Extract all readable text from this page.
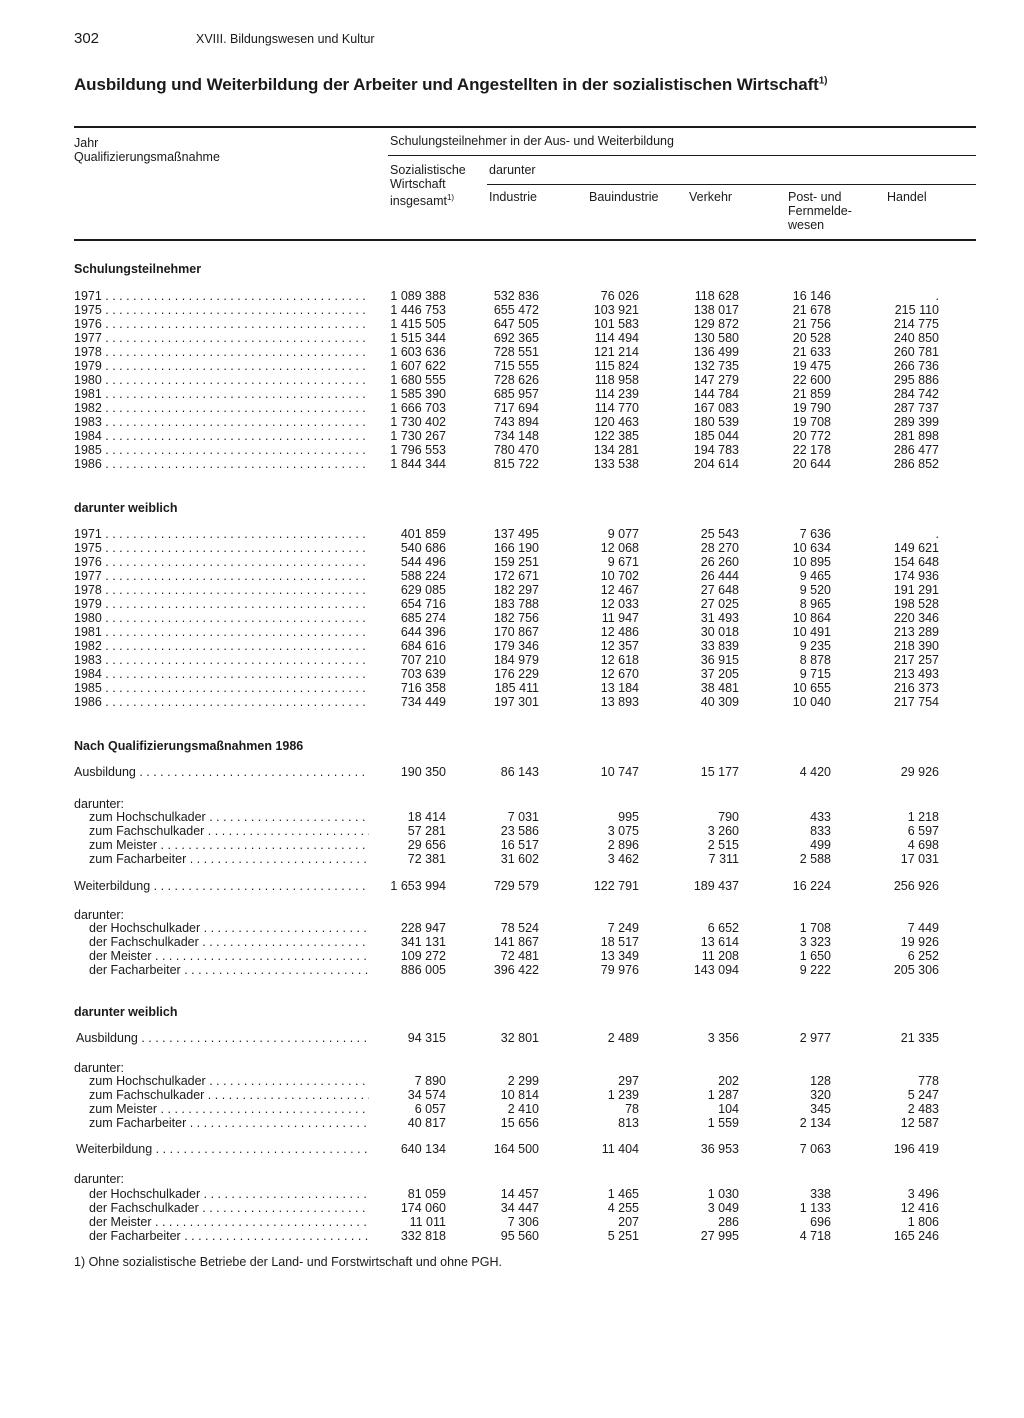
302	XVIII. Bildungswesen und Kultur
Ausbildung und Weiterbildung der Arbeiter und Angestellten in der sozialistischen Wirtschaft$^{1)}$
Jahr
Qualifizierungsmaßnahme
Schulungsteilnehmer in der Aus- und Weiterbildung
Sozialistische
Wirtschaft
insgesamt$^{1)}$
darunter
Industrie	Bauindustrie Verkehr	Post- und
Fernmelde-
wesen
Handel
Schulungsteilnehmer
darunter weiblich
Nach Qualifizierungsmaßnahmen 1986
darunter weiblich
darunter:
darunter:
darunter:
darunter:
1971 . . .	1 089 388	532 836	76 026	118 628	16 146	.
1975 . . .	1 446 753	655 472	103 921	138 017	21 678	215 110
1976 . . .	1 415 505	647 505	101 583	129 872	21 756	214 775
1977 . . .	1 515 344	692 365	114 494	130 580	20 528	240 850
1978 . . .	1 603 636	728 551	121 214	136 499	21 633	260 781
1979 . . .	1 607 622	715 555	115 824	132 735	19 475	266 736
1980 . . .	1 680 555	728 626	118 958	147 279	22 600	295 886
1981 . . .	1 585 390	685 957	114 239	144 784	21 859	284 742
1982 . . .	1 666 703	717 694	114 770	167 083	19 790	287 737
1983 . . .	1 730 402	743 894	120 463	180 539	19 708	289 399
1984 . . .	1 730 267	734 148	122 385	185 044	20 772	281 898
1985 . . .	1 796 553	780 470	134 281	194 783	22 178	286 477
1986 . . .	1 844 344	815 722	133 538	204 614	20 644	286 852
1971 . . .	401 859	137 495	9 077	25 543	7 636	.
1975 . . .	540 686	166 190	12 068	28 270	10 634	149 621
1976 . . .	544 496	159 251	9 671	26 260	10 895	154 648
1977 . . .	588 224	172 671	10 702	26 444	9 465	174 936
1978 . . .	629 085	182 297	12 467	27 648	9 520	191 291
1979 . . .	654 716	183 788	12 033	27 025	8 965	198 528
1980 . . .	685 274	182 756	11 947	31 493	10 864	220 346
1981 . . .	644 396	170 867	12 486	30 018	10 491	213 289
1982 . . .	684 616	179 346	12 357	33 839	9 235	218 390
1983 . . .	707 210	184 979	12 618	36 915	8 878	217 257
1984 . . .	703 639	176 229	12 670	37 205	9 715	213 493
1985 . . .	716 358	185 411	13 184	38 481	10 655	216 373
1986 . . .	734 449	197 301	13 893	40 309	10 040	217 754
Ausbildung . . .	190 350	86 143	10 747	15 177	4 420	29 926
zum Hochschulkader . . .	18 414	7 031	995	790	433	1 218
zum Fachschulkader . . .	57 281	23 586	3 075	3 260	833	6 597
zum Meister . . .	29 656	16 517	2 896	2 515	499	4 698
zum Facharbeiter . . .	72 381	31 602	3 462	7 311	2 588	17 031
Weiterbildung . . .	1 653 994	729 579	122 791	189 437	16 224	256 926
der Hochschulkader . . .	228 947	78 524	7 249	6 652	1 708	7 449
der Fachschulkader . . .	341 131	141 867	18 517	13 614	3 323	19 926
der Meister . . .	109 272	72 481	13 349	11 208	1 650	6 252
der Facharbeiter . . .	886 005	396 422	79 976	143 094	9 222	205 306
Ausbildung . . .	94 315	32 801	2 489	3 356	2 977	21 335
zum Hochschulkader . . .	7 890	2 299	297	202	128	778
zum Fachschulkader . . .	34 574	10 814	1 239	1 287	320	5 247
zum Meister . . .	6 057	2 410	78	104	345	2 483
zum Facharbeiter . . .	40 817	15 656	813	1 559	2 134	12 587
Weiterbildung . . .	640 134	164 500	11 404	36 953	7 063	196 419
der Hochschulkader . . .	81 059	14 457	1 465	1 030	338	3 496
der Fachschulkader . . .	174 060	34 447	4 255	3 049	1 133	12 416
der Meister . . .	11 011	7 306	207	286	696	1 806
der Facharbeiter . . .	332 818	95 560	5 251	27 995	4 718	165 246
1) Ohne sozialistische Betriebe der Land- und Forstwirtschaft und ohne PGH.
